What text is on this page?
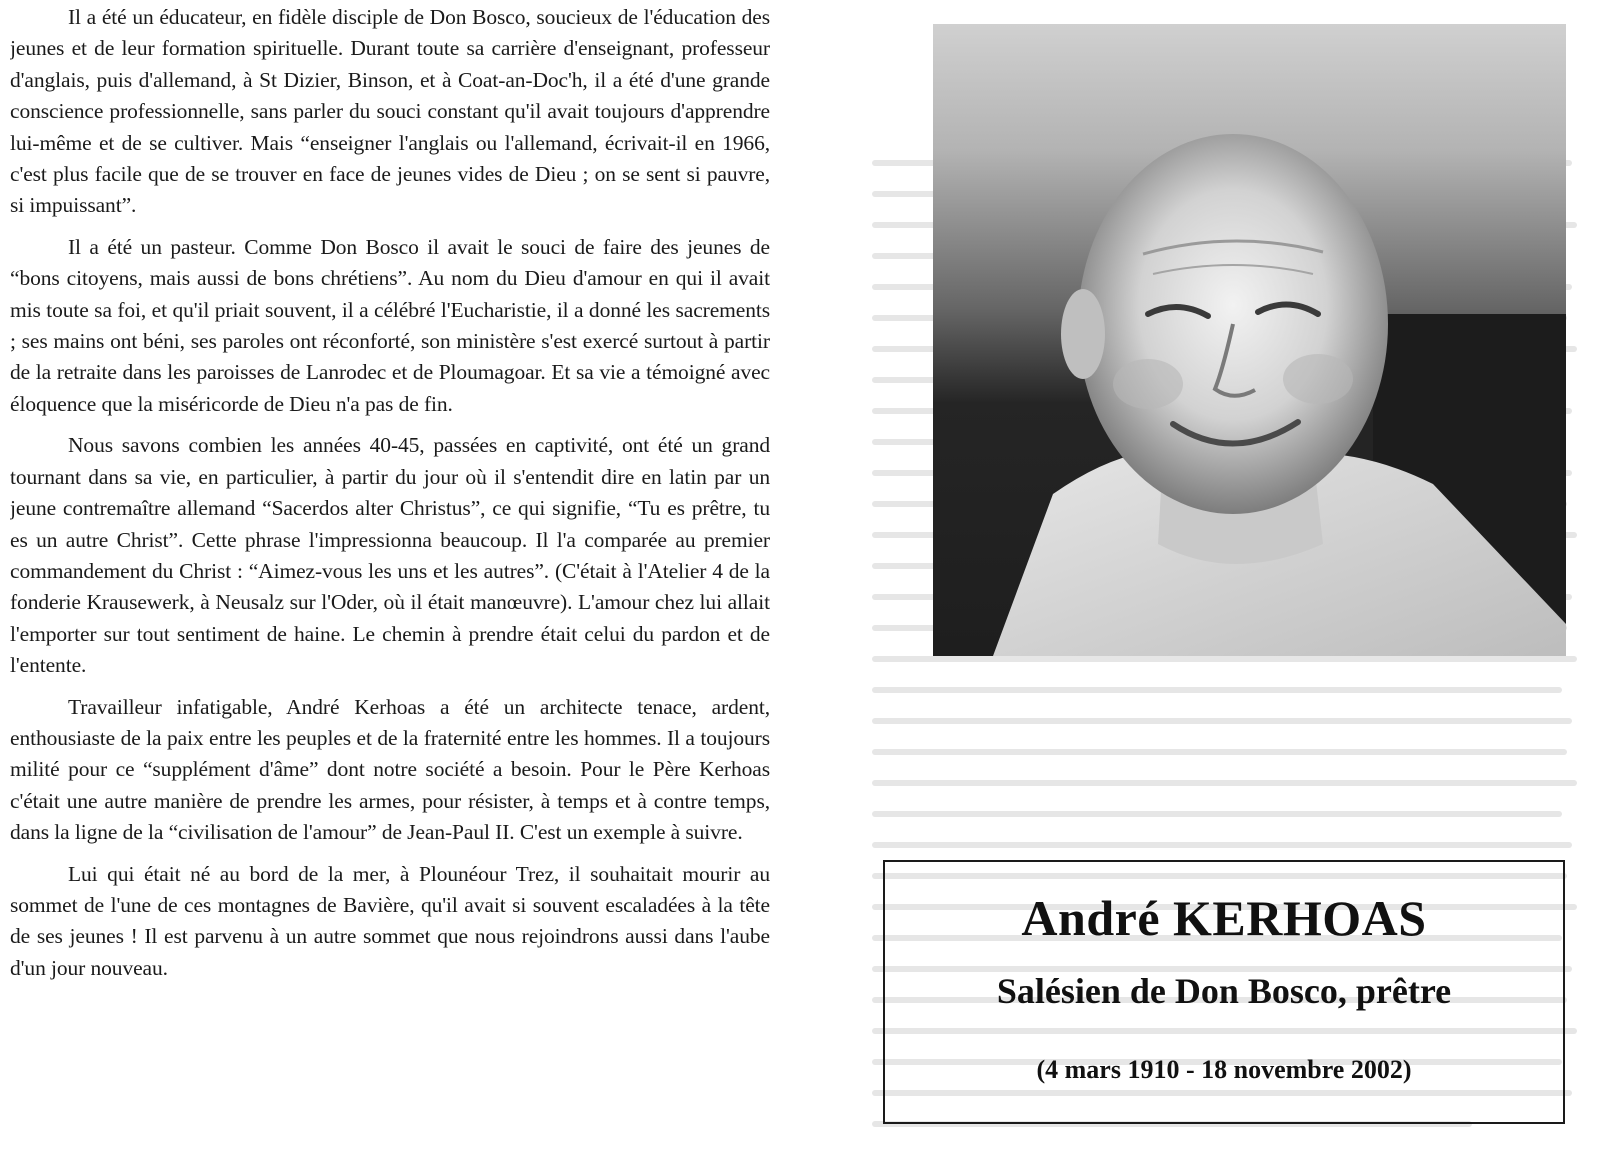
Il a été un éducateur, en fidèle disciple de Don Bosco, soucieux de l'éducation des jeunes et de leur formation spirituelle. Durant toute sa carrière d'enseignant, professeur d'anglais, puis d'allemand, à St Dizier, Binson, et à Coat-an-Doc'h, il a été d'une grande conscience professionnelle, sans parler du souci constant qu'il avait toujours d'apprendre lui-même et de se cultiver. Mais “enseigner l'anglais ou l'allemand, écrivait-il en 1966, c'est plus facile que de se trouver en face de jeunes vides de Dieu ; on se sent si pauvre, si impuissant”.

Il a été un pasteur. Comme Don Bosco il avait le souci de faire des jeunes de “bons citoyens, mais aussi de bons chrétiens”. Au nom du Dieu d'amour en qui il avait mis toute sa foi, et qu'il priait souvent, il a célébré l'Eucharistie, il a donné les sacrements ; ses mains ont béni, ses paroles ont réconforté, son ministère s'est exercé surtout à partir de la retraite dans les paroisses de Lanrodec et de Ploumagoar. Et sa vie a témoigné avec éloquence que la miséricorde de Dieu n'a pas de fin.

Nous savons combien les années 40-45, passées en captivité, ont été un grand tournant dans sa vie, en particulier, à partir du jour où il s'entendit dire en latin par un jeune contremaître allemand “Sacerdos alter Christus”, ce qui signifie, “Tu es prêtre, tu es un autre Christ”. Cette phrase l'impressionna beaucoup. Il l'a comparée au premier commandement du Christ : “Aimez-vous les uns et les autres”. (C'était à l'Atelier 4 de la fonderie Krausewerk, à Neusalz sur l'Oder, où il était manœuvre). L'amour chez lui allait l'emporter sur tout sentiment de haine. Le chemin à prendre était celui du pardon et de l'entente.

Travailleur infatigable, André Kerhoas a été un architecte tenace, ardent, enthousiaste de la paix entre les peuples et de la fraternité entre les hommes. Il a toujours milité pour ce “supplément d'âme” dont notre société a besoin. Pour le Père Kerhoas c'était une autre manière de prendre les armes, pour résister, à temps et à contre temps, dans la ligne de la “civilisation de l'amour” de Jean-Paul II. C'est un exemple à suivre.

Lui qui était né au bord de la mer, à Plounéour Trez, il souhaitait mourir au sommet de l'une de ces montagnes de Bavière, qu'il avait si souvent escaladées à la tête de ses jeunes ! Il est parvenu à un autre sommet que nous rejoindrons aussi dans l'aube d'un jour nouveau.

André KERHOAS
Salésien de Don Bosco, prêtre
(4 mars 1910 - 18 novembre 2002)
